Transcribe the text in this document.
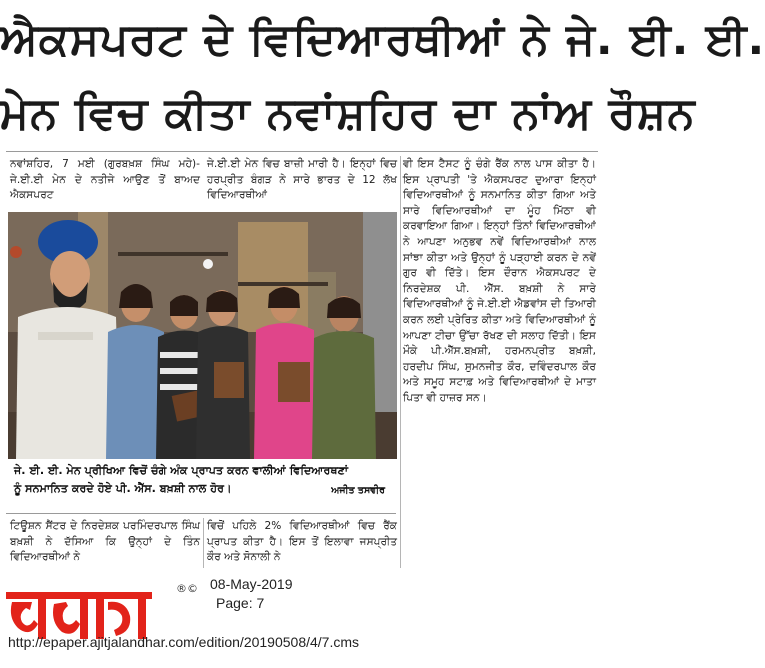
ਐਕਸਪਰਟ ਦੇ ਵਿਦਿਆਰਥੀਆਂ ਨੇ ਜੇ. ਈ. ਈ.
ਮੇਨ ਵਿਚ ਕੀਤਾ ਨਵਾਂਸ਼ਹਿਰ ਦਾ ਨਾਂਅ ਰੌਸ਼ਨ

ਨਵਾਂਸ਼ਹਿਰ, 7 ਮਈ (ਗੁਰਬਖ਼ਸ਼ ਸਿੰਘ ਮਹੇ)- ਜੇ.ਈ.ਈ ਮੇਨ ਦੇ ਨਤੀਜੇ ਆਉਣ ਤੋਂ ਬਾਅਦ ਐਕਸਪਰਟ

ਜੇ.ਈ.ਈ ਮੇਨ ਵਿਚ ਬਾਜ਼ੀ ਮਾਰੀ ਹੈ। ਇਨ੍ਹਾਂ ਵਿਚ ਹਰਪ੍ਰੀਤ ਬੰਗੜ ਨੇ ਸਾਰੇ ਭਾਰਤ ਦੇ 12 ਲੱਖ ਵਿਦਿਆਰਥੀਆਂ

ਵੀ ਇਸ ਟੈਸਟ ਨੂੰ ਚੰਗੇ ਰੈਂਕ ਨਾਲ ਪਾਸ ਕੀਤਾ ਹੈ। ਇਸ ਪ੍ਰਾਪਤੀ 'ਤੇ ਐਕਸਪਰਟ ਦੁਆਰਾ ਇਨ੍ਹਾਂ ਵਿਦਿਆਰਥੀਆਂ ਨੂੰ ਸਨਮਾਨਿਤ ਕੀਤਾ ਗਿਆ ਅਤੇ ਸਾਰੇ ਵਿਦਿਆਰਥੀਆਂ ਦਾ ਮੂੰਹ ਮਿੱਠਾ ਵੀ ਕਰਵਾਇਆ ਗਿਆ। ਇਨ੍ਹਾਂ ਤਿੰਨਾਂ ਵਿਦਿਆਰਥੀਆਂ ਨੇ ਆਪਣਾ ਅਨੁਭਵ ਨਵੇਂ ਵਿਦਿਆਰਥੀਆਂ ਨਾਲ ਸਾਂਝਾ ਕੀਤਾ ਅਤੇ ਉਨ੍ਹਾਂ ਨੂੰ ਪੜ੍ਹਾਈ ਕਰਨ ਦੇ ਨਵੇਂ ਗੁਰ ਵੀ ਦਿੱਤੇ। ਇਸ ਦੌਰਾਨ ਐਕਸਪਰਟ ਦੇ ਨਿਰਦੇਸ਼ਕ ਪੀ. ਐੱਸ. ਬਖ਼ਸ਼ੀ ਨੇ ਸਾਰੇ ਵਿਦਿਆਰਥੀਆਂ ਨੂੰ ਜੇ.ਈ.ਈ ਐਡਵਾਂਸ ਦੀ ਤਿਆਰੀ ਕਰਨ ਲਈ ਪ੍ਰੇਰਿਤ ਕੀਤਾ ਅਤੇ ਵਿਦਿਆਰਥੀਆਂ ਨੂੰ ਆਪਣਾ ਟੀਚਾ ਉੱਚਾ ਰੱਖਣ ਦੀ ਸਲਾਹ ਦਿੱਤੀ। ਇਸ ਮੌਕੇ ਪੀ.ਐੱਸ.ਬਖ਼ਸ਼ੀ, ਹਰਮਨਪ੍ਰੀਤ ਬਖ਼ਸ਼ੀ, ਹਰਦੀਪ ਸਿੰਘ, ਸੁਮਨਜੀਤ ਕੌਰ, ਦਵਿੰਦਰਪਾਲ ਕੌਰ ਅਤੇ ਸਮੂਹ ਸਟਾਫ਼ ਅਤੇ ਵਿਦਿਆਰਥੀਆਂ ਦੇ ਮਾਤਾ ਪਿਤਾ ਵੀ ਹਾਜ਼ਰ ਸਨ।

ਜੇ. ਈ. ਈ. ਮੇਨ ਪ੍ਰੀਖਿਆ ਵਿਚੋਂ ਚੰਗੇ ਅੰਕ ਪ੍ਰਾਪਤ ਕਰਨ ਵਾਲੀਆਂ ਵਿਦਿਆਰਥਣਾਂ
ਨੂੰ ਸਨਮਾਨਿਤ ਕਰਦੇ ਹੋਏ ਪੀ. ਐੱਸ. ਬਖ਼ਸ਼ੀ ਨਾਲ ਹੋਰ।	ਅਜੀਤ ਤਸਵੀਰ

ਟਿਊਸ਼ਨ ਸੈਂਟਰ ਦੇ ਨਿਰਦੇਸ਼ਕ ਪਰਮਿੰਦਰਪਾਲ ਸਿੰਘ ਬਖ਼ਸ਼ੀ ਨੇ ਦੱਸਿਆ ਕਿ ਉਨ੍ਹਾਂ ਦੇ ਤਿੰਨ ਵਿਦਿਆਰਥੀਆਂ ਨੇ

ਵਿਚੋਂ ਪਹਿਲੇ 2% ਵਿਦਿਆਰਥੀਆਂ ਵਿਚ ਰੈਂਕ ਪ੍ਰਾਪਤ ਕੀਤਾ ਹੈ। ਇਸ ਤੋਂ ਇਲਾਵਾ ਜਸਪ੍ਰੀਤ ਕੌਰ ਅਤੇ ਸੋਨਾਲੀ ਨੇ

®© 08-May-2019
Page: 7
http://epaper.ajitjalandhar.com/edition/20190508/4/7.cms
